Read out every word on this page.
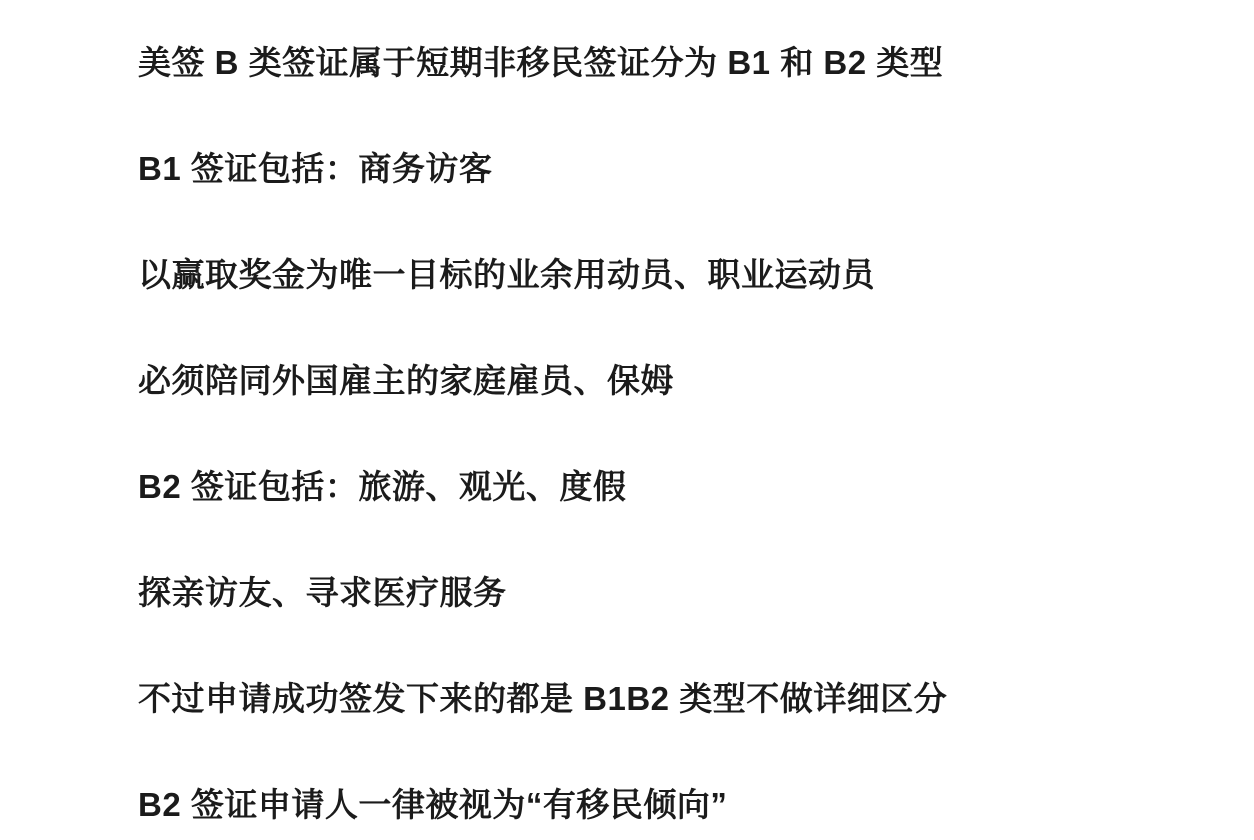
美签 B 类签证属于短期非移民签证分为 B1 和 B2 类型

B1 签证包括：商务访客

以赢取奖金为唯一目标的业余用动员、职业运动员

必须陪同外国雇主的家庭雇员、保姆

B2 签证包括：旅游、观光、度假

探亲访友、寻求医疗服务

不过申请成功签发下来的都是 B1B2 类型不做详细区分

B2 签证申请人一律被视为“有移民倾向”
